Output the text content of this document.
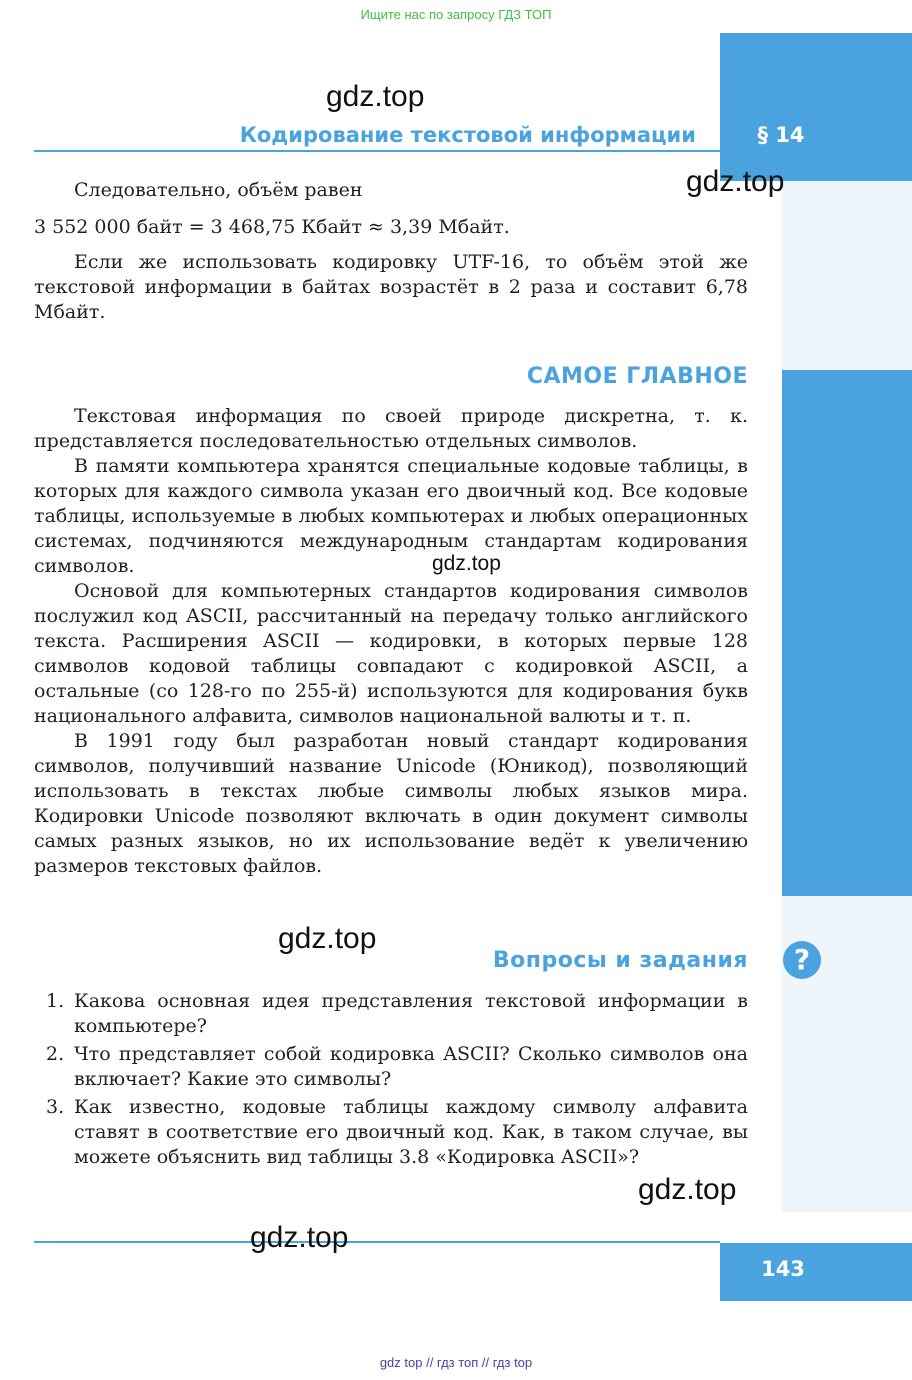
Ищите нас по запросу ГДЗ ТОП
gdz.top
Кодирование текстовой информации	§ 14
gdz.top

Следовательно, объём равен

3 552 000 байт = 3 468,75 Кбайт ≈ 3,39 Мбайт.

Если же использовать кодировку UTF-16, то объём этой же текстовой информации в байтах возрастёт в 2 раза и составит 6,78 Мбайт.

САМОЕ ГЛАВНОЕ

Текстовая информация по своей природе дискретна, т. к. представляется последовательностью отдельных символов.

В памяти компьютера хранятся специальные кодовые таблицы, в которых для каждого символа указан его двоичный код. Все кодовые таблицы, используемые в любых компьютерах и любых операционных системах, подчиняются международным стандартам кодирования символов.

Основой для компьютерных стандартов кодирования символов послужил код ASCII, рассчитанный на передачу только английского текста. Расширения ASCII — кодировки, в которых первые 128 символов кодовой таблицы совпадают с кодировкой ASCII, а остальные (со 128-го по 255-й) используются для кодирования букв национального алфавита, символов национальной валюты и т. п.

В 1991 году был разработан новый стандарт кодирования символов, получивший название Unicode (Юникод), позволяющий использовать в текстах любые символы любых языков мира. Кодировки Unicode позволяют включать в один документ символы самых разных языков, но их использование ведёт к увеличению размеров текстовых файлов.

gdz.top
gdz.top
Вопросы и задания	?
1. Какова основная идея представления текстовой информации в компьютере?
2. Что представляет собой кодировка ASCII? Сколько символов она включает? Какие это символы?
3. Как известно, кодовые таблицы каждому символу алфавита ставят в соответствие его двоичный код. Как, в таком случае, вы можете объяснить вид таблицы 3.8 «Кодировка ASCII»?
gdz.top
gdz.top
143
gdz top // гдз топ // гдз top
